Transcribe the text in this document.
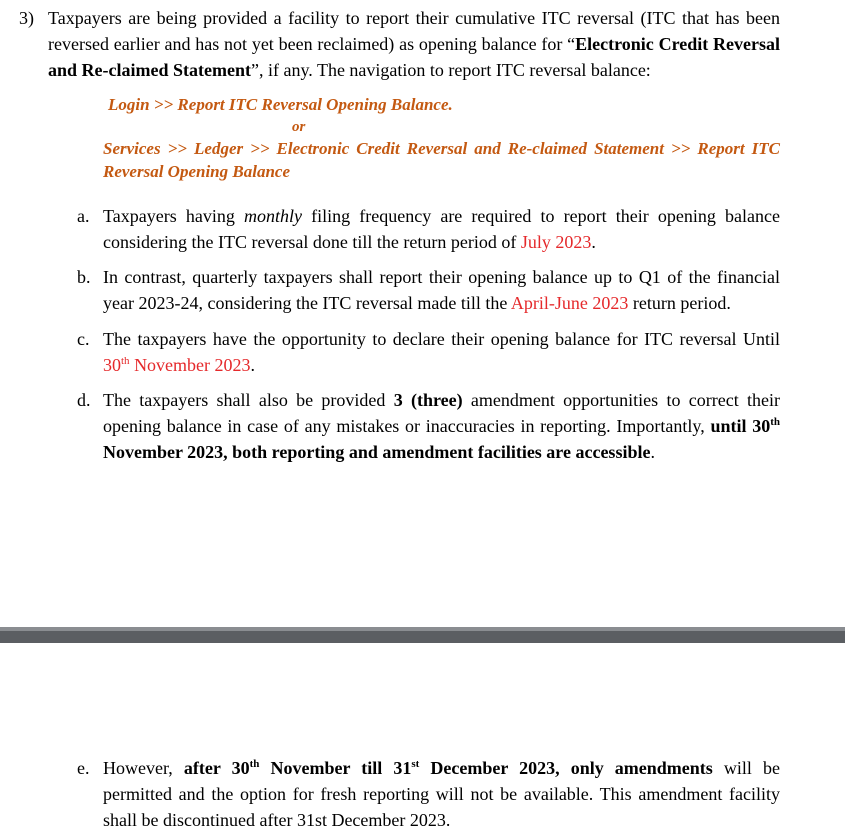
3) Taxpayers are being provided a facility to report their cumulative ITC reversal (ITC that has been reversed earlier and has not yet been reclaimed) as opening balance for “Electronic Credit Reversal and Re-claimed Statement”, if any. The navigation to report ITC reversal balance:
Login >> Report ITC Reversal Opening Balance.
or
Services >> Ledger >> Electronic Credit Reversal and Re-claimed Statement >> Report ITC Reversal Opening Balance
a. Taxpayers having monthly filing frequency are required to report their opening balance considering the ITC reversal done till the return period of July 2023.
b. In contrast, quarterly taxpayers shall report their opening balance up to Q1 of the financial year 2023-24, considering the ITC reversal made till the April-June 2023 return period.
c. The taxpayers have the opportunity to declare their opening balance for ITC reversal Until 30th November 2023.
d. The taxpayers shall also be provided 3 (three) amendment opportunities to correct their opening balance in case of any mistakes or inaccuracies in reporting. Importantly, until 30th November 2023, both reporting and amendment facilities are accessible.
e. However, after 30th November till 31st December 2023, only amendments will be permitted and the option for fresh reporting will not be available. This amendment facility shall be discontinued after 31st December 2023.
